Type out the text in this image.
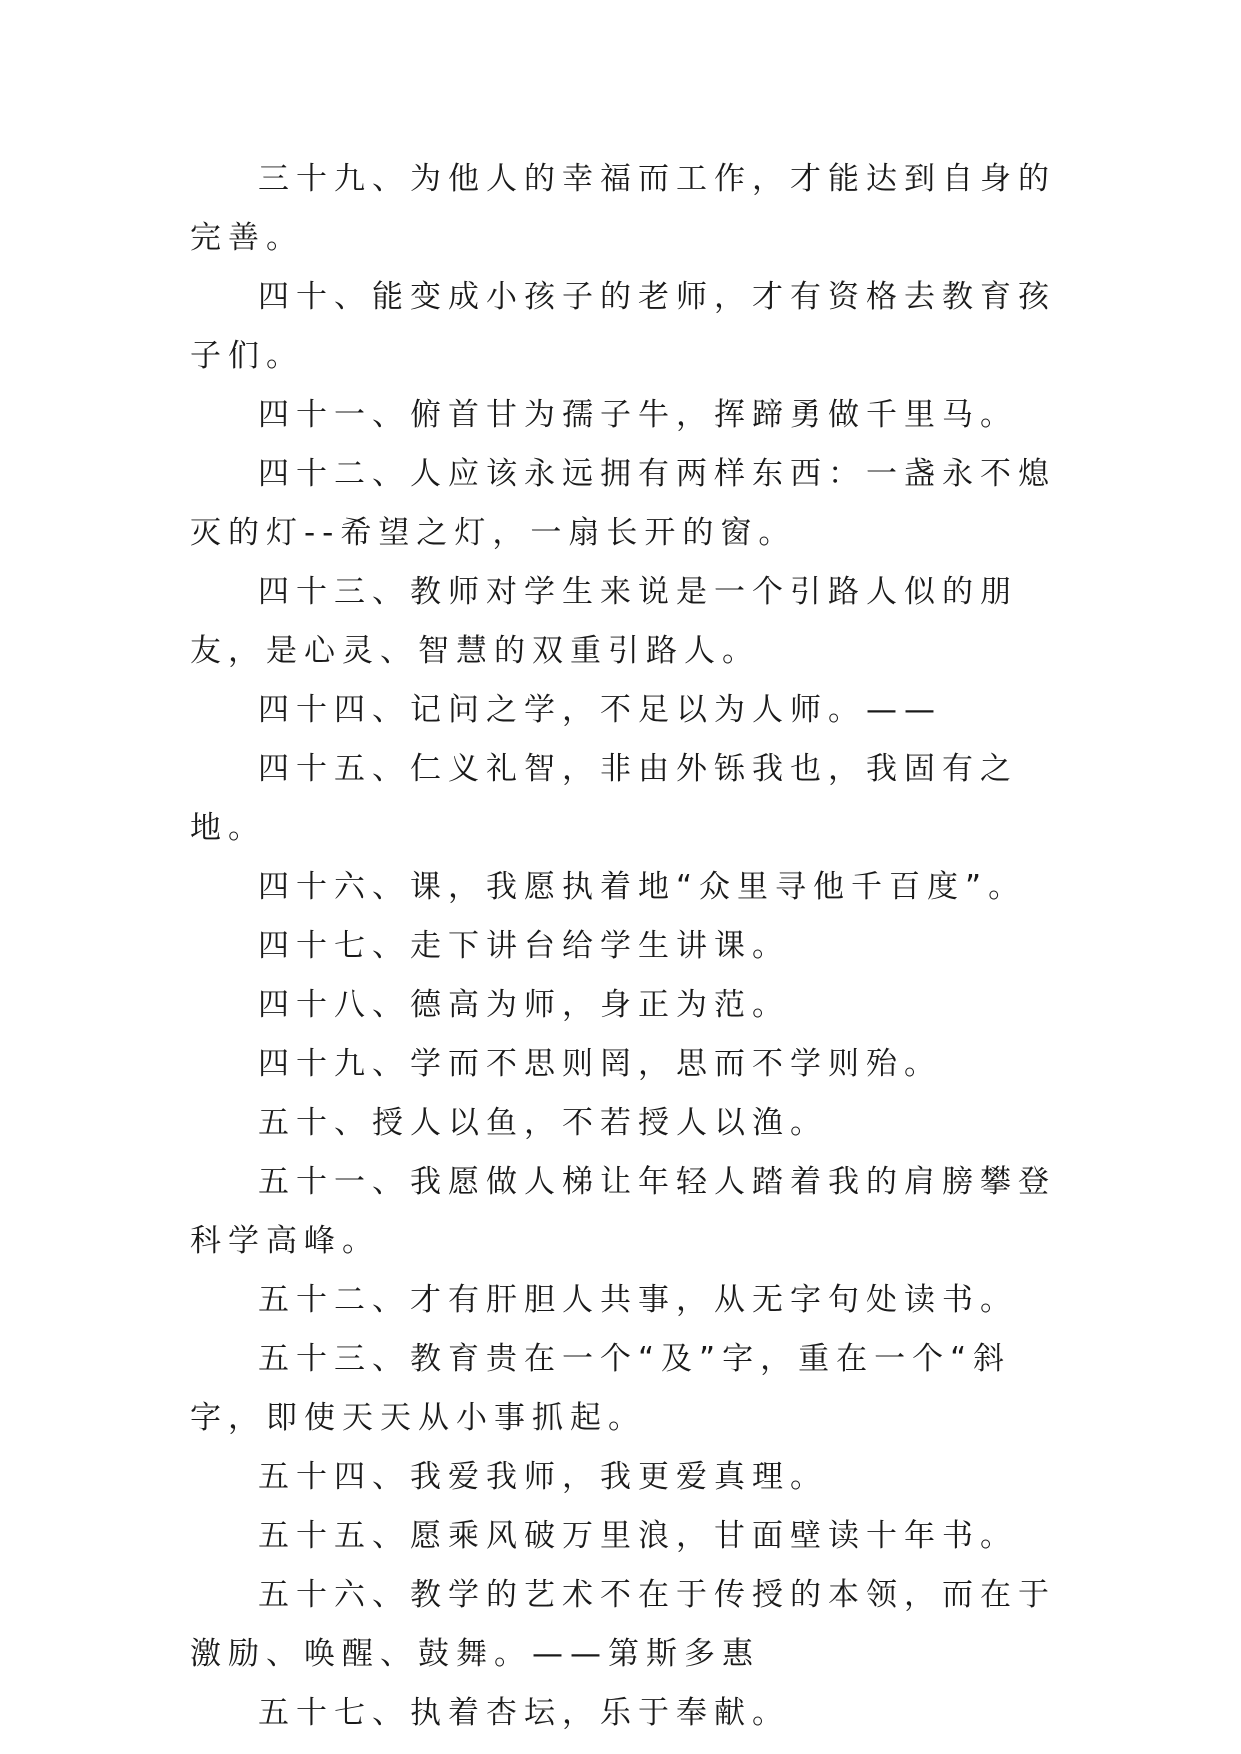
三十九、为他人的幸福而工作，才能达到自身的完善。

四十、能变成小孩子的老师，才有资格去教育孩子们。

四十一、俯首甘为孺子牛，挥蹄勇做千里马。

四十二、人应该永远拥有两样东西：一盏永不熄灭的灯--希望之灯，一扇长开的窗。

四十三、教师对学生来说是一个引路人似的朋友，是心灵、智慧的双重引路人。

四十四、记问之学，不足以为人师。——

四十五、仁义礼智，非由外铄我也，我固有之地。

四十六、课，我愿执着地“众里寻他千百度”。

四十七、走下讲台给学生讲课。

四十八、德高为师，身正为范。

四十九、学而不思则罔，思而不学则殆。

五十、授人以鱼，不若授人以渔。

五十一、我愿做人梯让年轻人踏着我的肩膀攀登科学高峰。

五十二、才有肝胆人共事，从无字句处读书。

五十三、教育贵在一个“及”字，重在一个“斜字，即使天天从小事抓起。

五十四、我爱我师，我更爱真理。

五十五、愿乘风破万里浪，甘面壁读十年书。

五十六、教学的艺术不在于传授的本领，而在于激励、唤醒、鼓舞。——第斯多惠

五十七、执着杏坛，乐于奉献。
